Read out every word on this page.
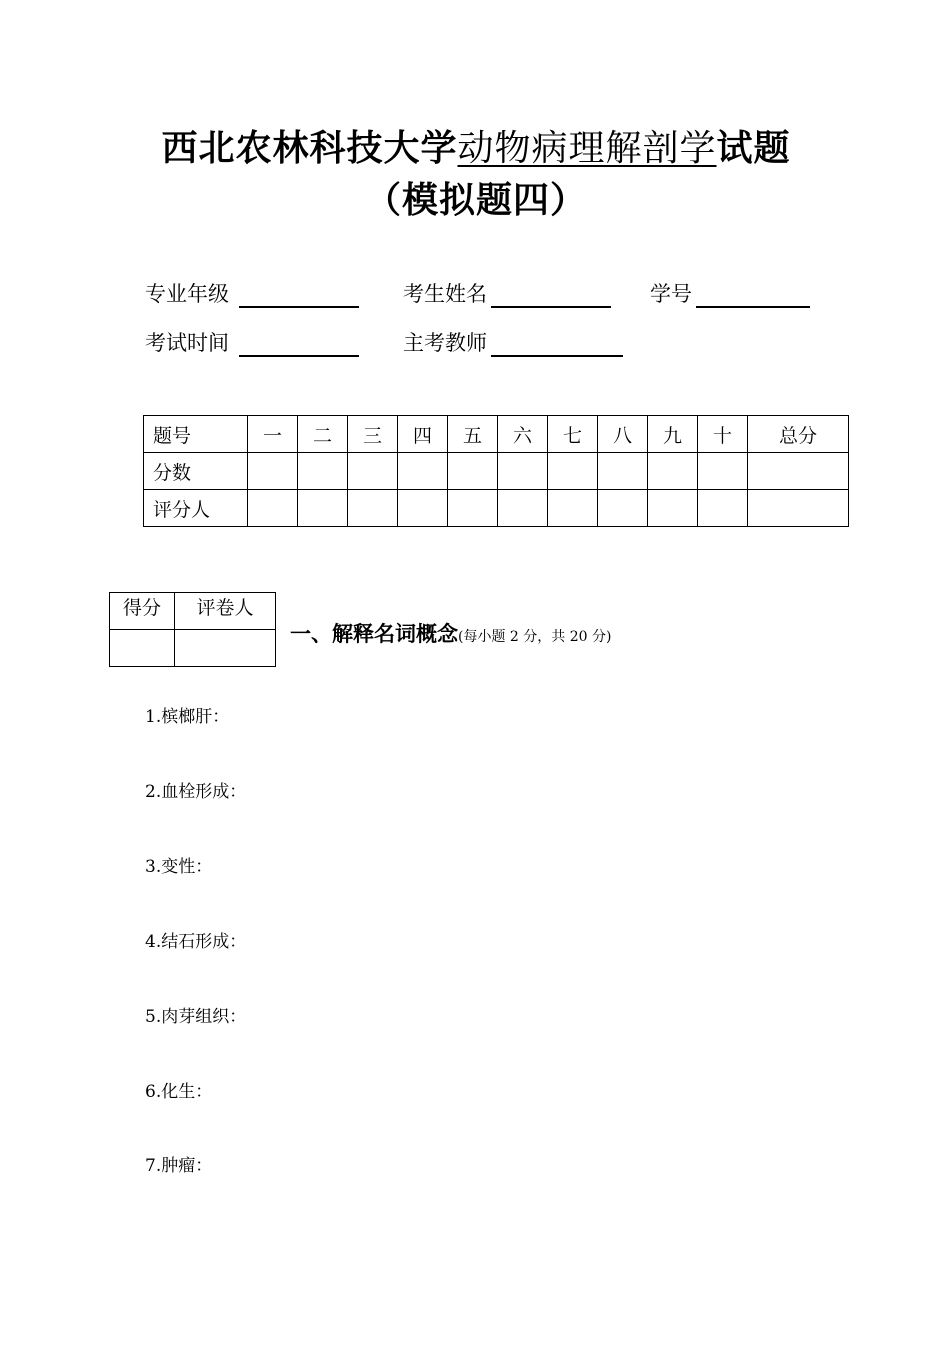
西北农林科技大学动物病理解剖学试题
（模拟题四）
专业年级	考生姓名	学号
考试时间	主考教师
题号	一	二	三	四	五	六	七	八	九	十	总分
分数											
评分人											
得分	评卷人

一、解释名词概念(每小题 2 分，共 20 分)
1.槟榔肝：
2.血栓形成：
3.变性：
4.结石形成：
5.肉芽组织：
6.化生：
7.肿瘤：
